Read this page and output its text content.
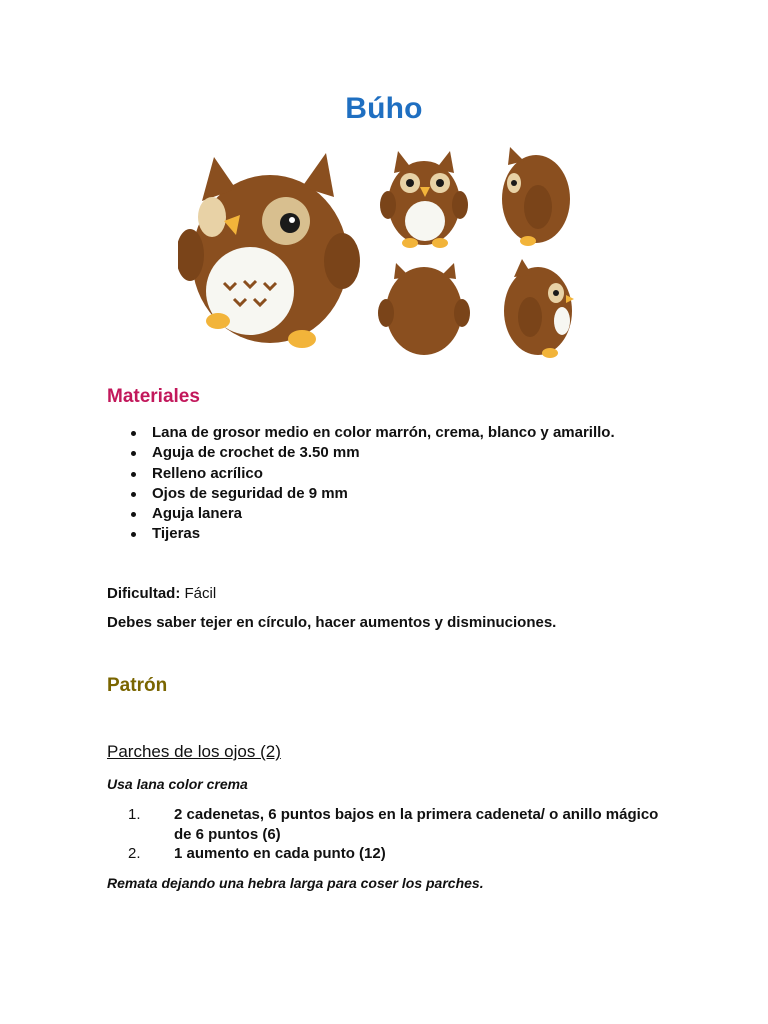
Búho
Materiales
Lana de grosor medio en color marrón, crema, blanco y amarillo.
Aguja de crochet de 3.50 mm
Relleno acrílico
Ojos de seguridad de 9 mm
Aguja lanera
Tijeras
Dificultad: Fácil
Debes saber tejer en círculo, hacer aumentos y disminuciones.
Patrón
Parches de los ojos (2)
Usa lana color crema
1. 2 cadenetas, 6 puntos bajos en la primera cadeneta/ o anillo mágico de 6 puntos (6)
2. 1 aumento en cada punto (12)
Remata dejando una hebra larga para coser los parches.
